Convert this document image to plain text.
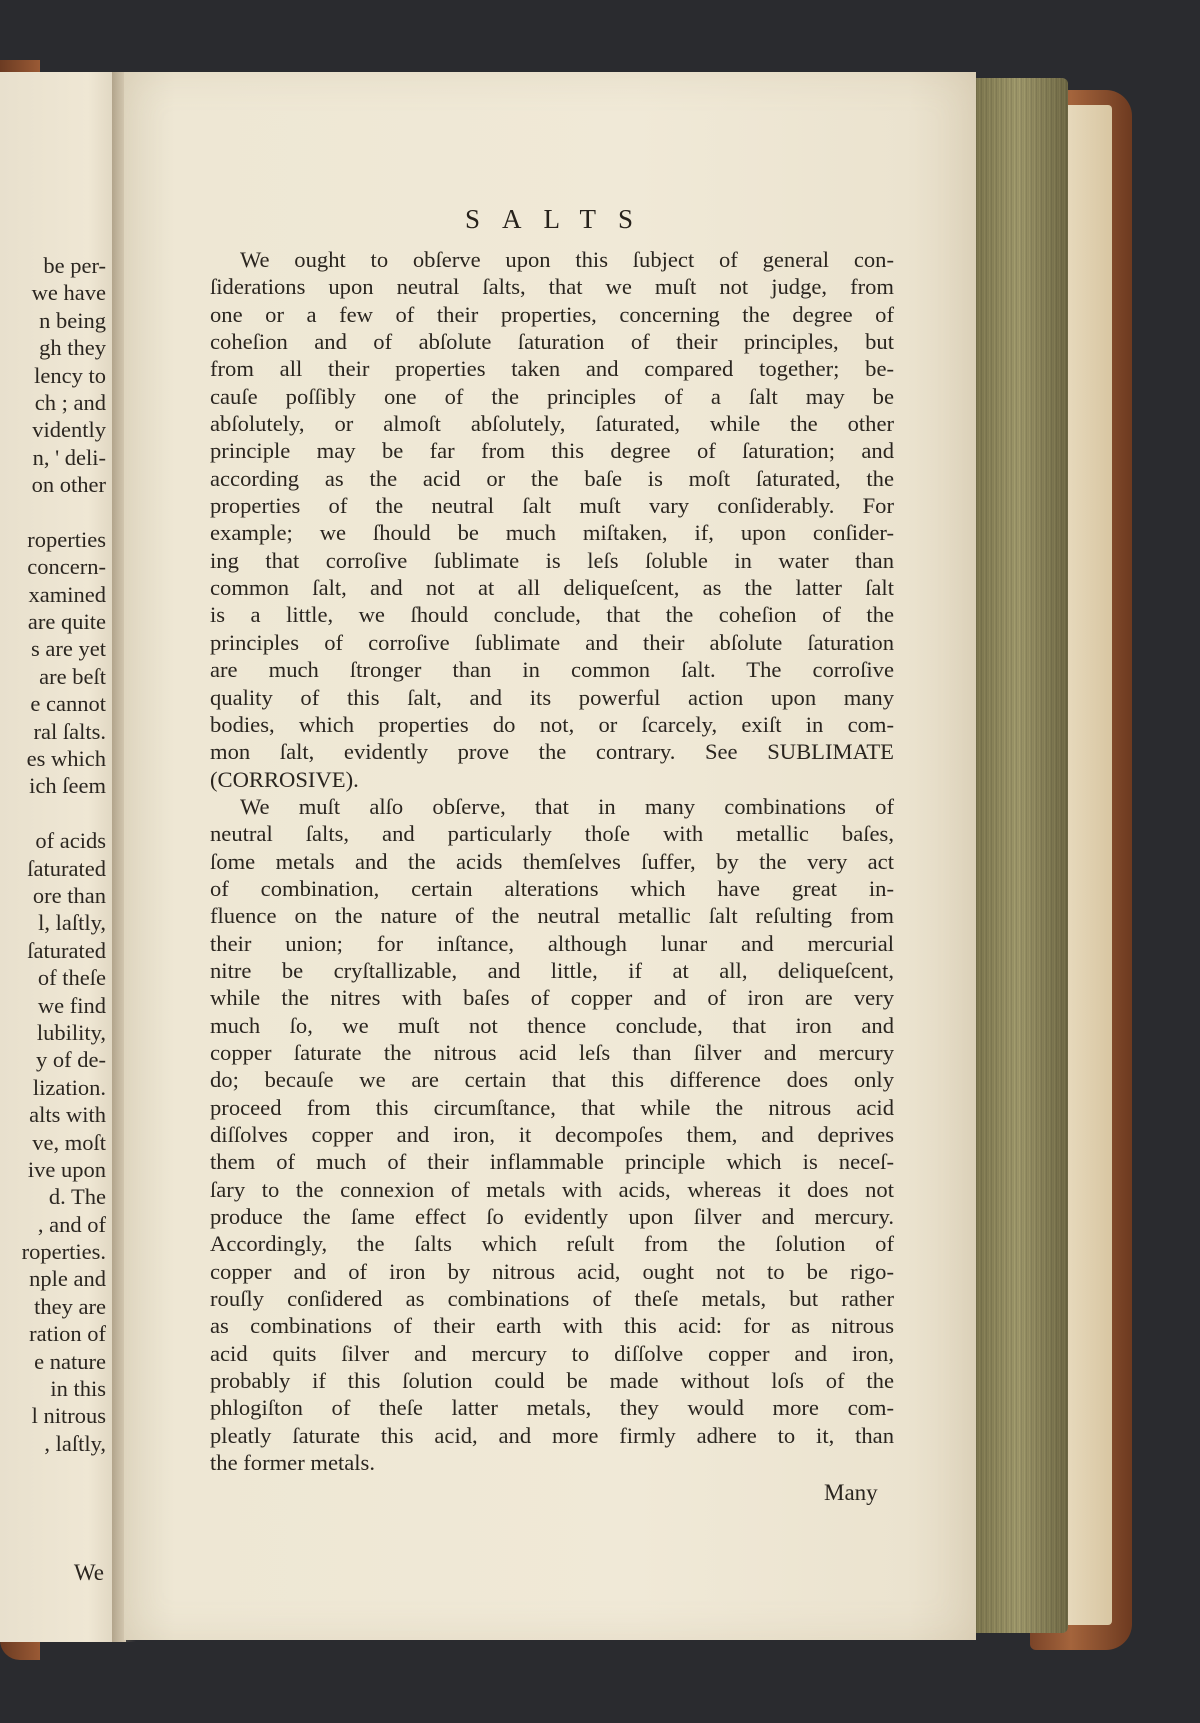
be per-
we have
n being
gh they
lency to
ch ; and
vidently
n, ' deli-
on other
roperties
concern-
xamined
are quite
s are yet
are beſt
e cannot
ral ſalts.
es which
ich ſeem
of acids
ſaturated
ore than
l, laſtly,
ſaturated
of theſe
we find
lubility,
y of de-
lization.
alts with
ve, moſt
ive upon
d. The
, and of
roperties.
nple and
they are
ration of
e nature
in this
l nitrous
, laſtly,
We
SALTS
We ought to obſerve upon this ſubject of general con-
ſiderations upon neutral ſalts, that we muſt not judge, from
one or a few of their properties, concerning the degree of
coheſion and of abſolute ſaturation of their principles, but
from all their properties taken and compared together; be-
cauſe poſſibly one of the principles of a ſalt may be
abſolutely, or almoſt abſolutely, ſaturated, while the other
principle may be far from this degree of ſaturation; and
according as the acid or the baſe is moſt ſaturated, the
properties of the neutral ſalt muſt vary conſiderably. For
example; we ſhould be much miſtaken, if, upon conſider-
ing that corroſive ſublimate is leſs ſoluble in water than
common ſalt, and not at all deliqueſcent, as the latter ſalt
is a little, we ſhould conclude, that the coheſion of the
principles of corroſive ſublimate and their abſolute ſaturation
are much ſtronger than in common ſalt. The corroſive
quality of this ſalt, and its powerful action upon many
bodies, which properties do not, or ſcarcely, exiſt in com-
mon ſalt, evidently prove the contrary. See SUBLIMATE
(CORROSIVE).
We muſt alſo obſerve, that in many combinations of
neutral ſalts, and particularly thoſe with metallic baſes,
ſome metals and the acids themſelves ſuffer, by the very act
of combination, certain alterations which have great in-
fluence on the nature of the neutral metallic ſalt reſulting from
their union; for inſtance, although lunar and mercurial
nitre be cryſtallizable, and little, if at all, deliqueſcent,
while the nitres with baſes of copper and of iron are very
much ſo, we muſt not thence conclude, that iron and
copper ſaturate the nitrous acid leſs than ſilver and mercury
do; becauſe we are certain that this difference does only
proceed from this circumſtance, that while the nitrous acid
diſſolves copper and iron, it decompoſes them, and deprives
them of much of their inflammable principle which is neceſ-
ſary to the connexion of metals with acids, whereas it does not
produce the ſame effect ſo evidently upon ſilver and mercury.
Accordingly, the ſalts which reſult from the ſolution of
copper and of iron by nitrous acid, ought not to be rigo-
rouſly conſidered as combinations of theſe metals, but rather
as combinations of their earth with this acid: for as nitrous
acid quits ſilver and mercury to diſſolve copper and iron,
probably if this ſolution could be made without loſs of the
phlogiſton of theſe latter metals, they would more com-
pleatly ſaturate this acid, and more firmly adhere to it, than
the former metals.
Many
